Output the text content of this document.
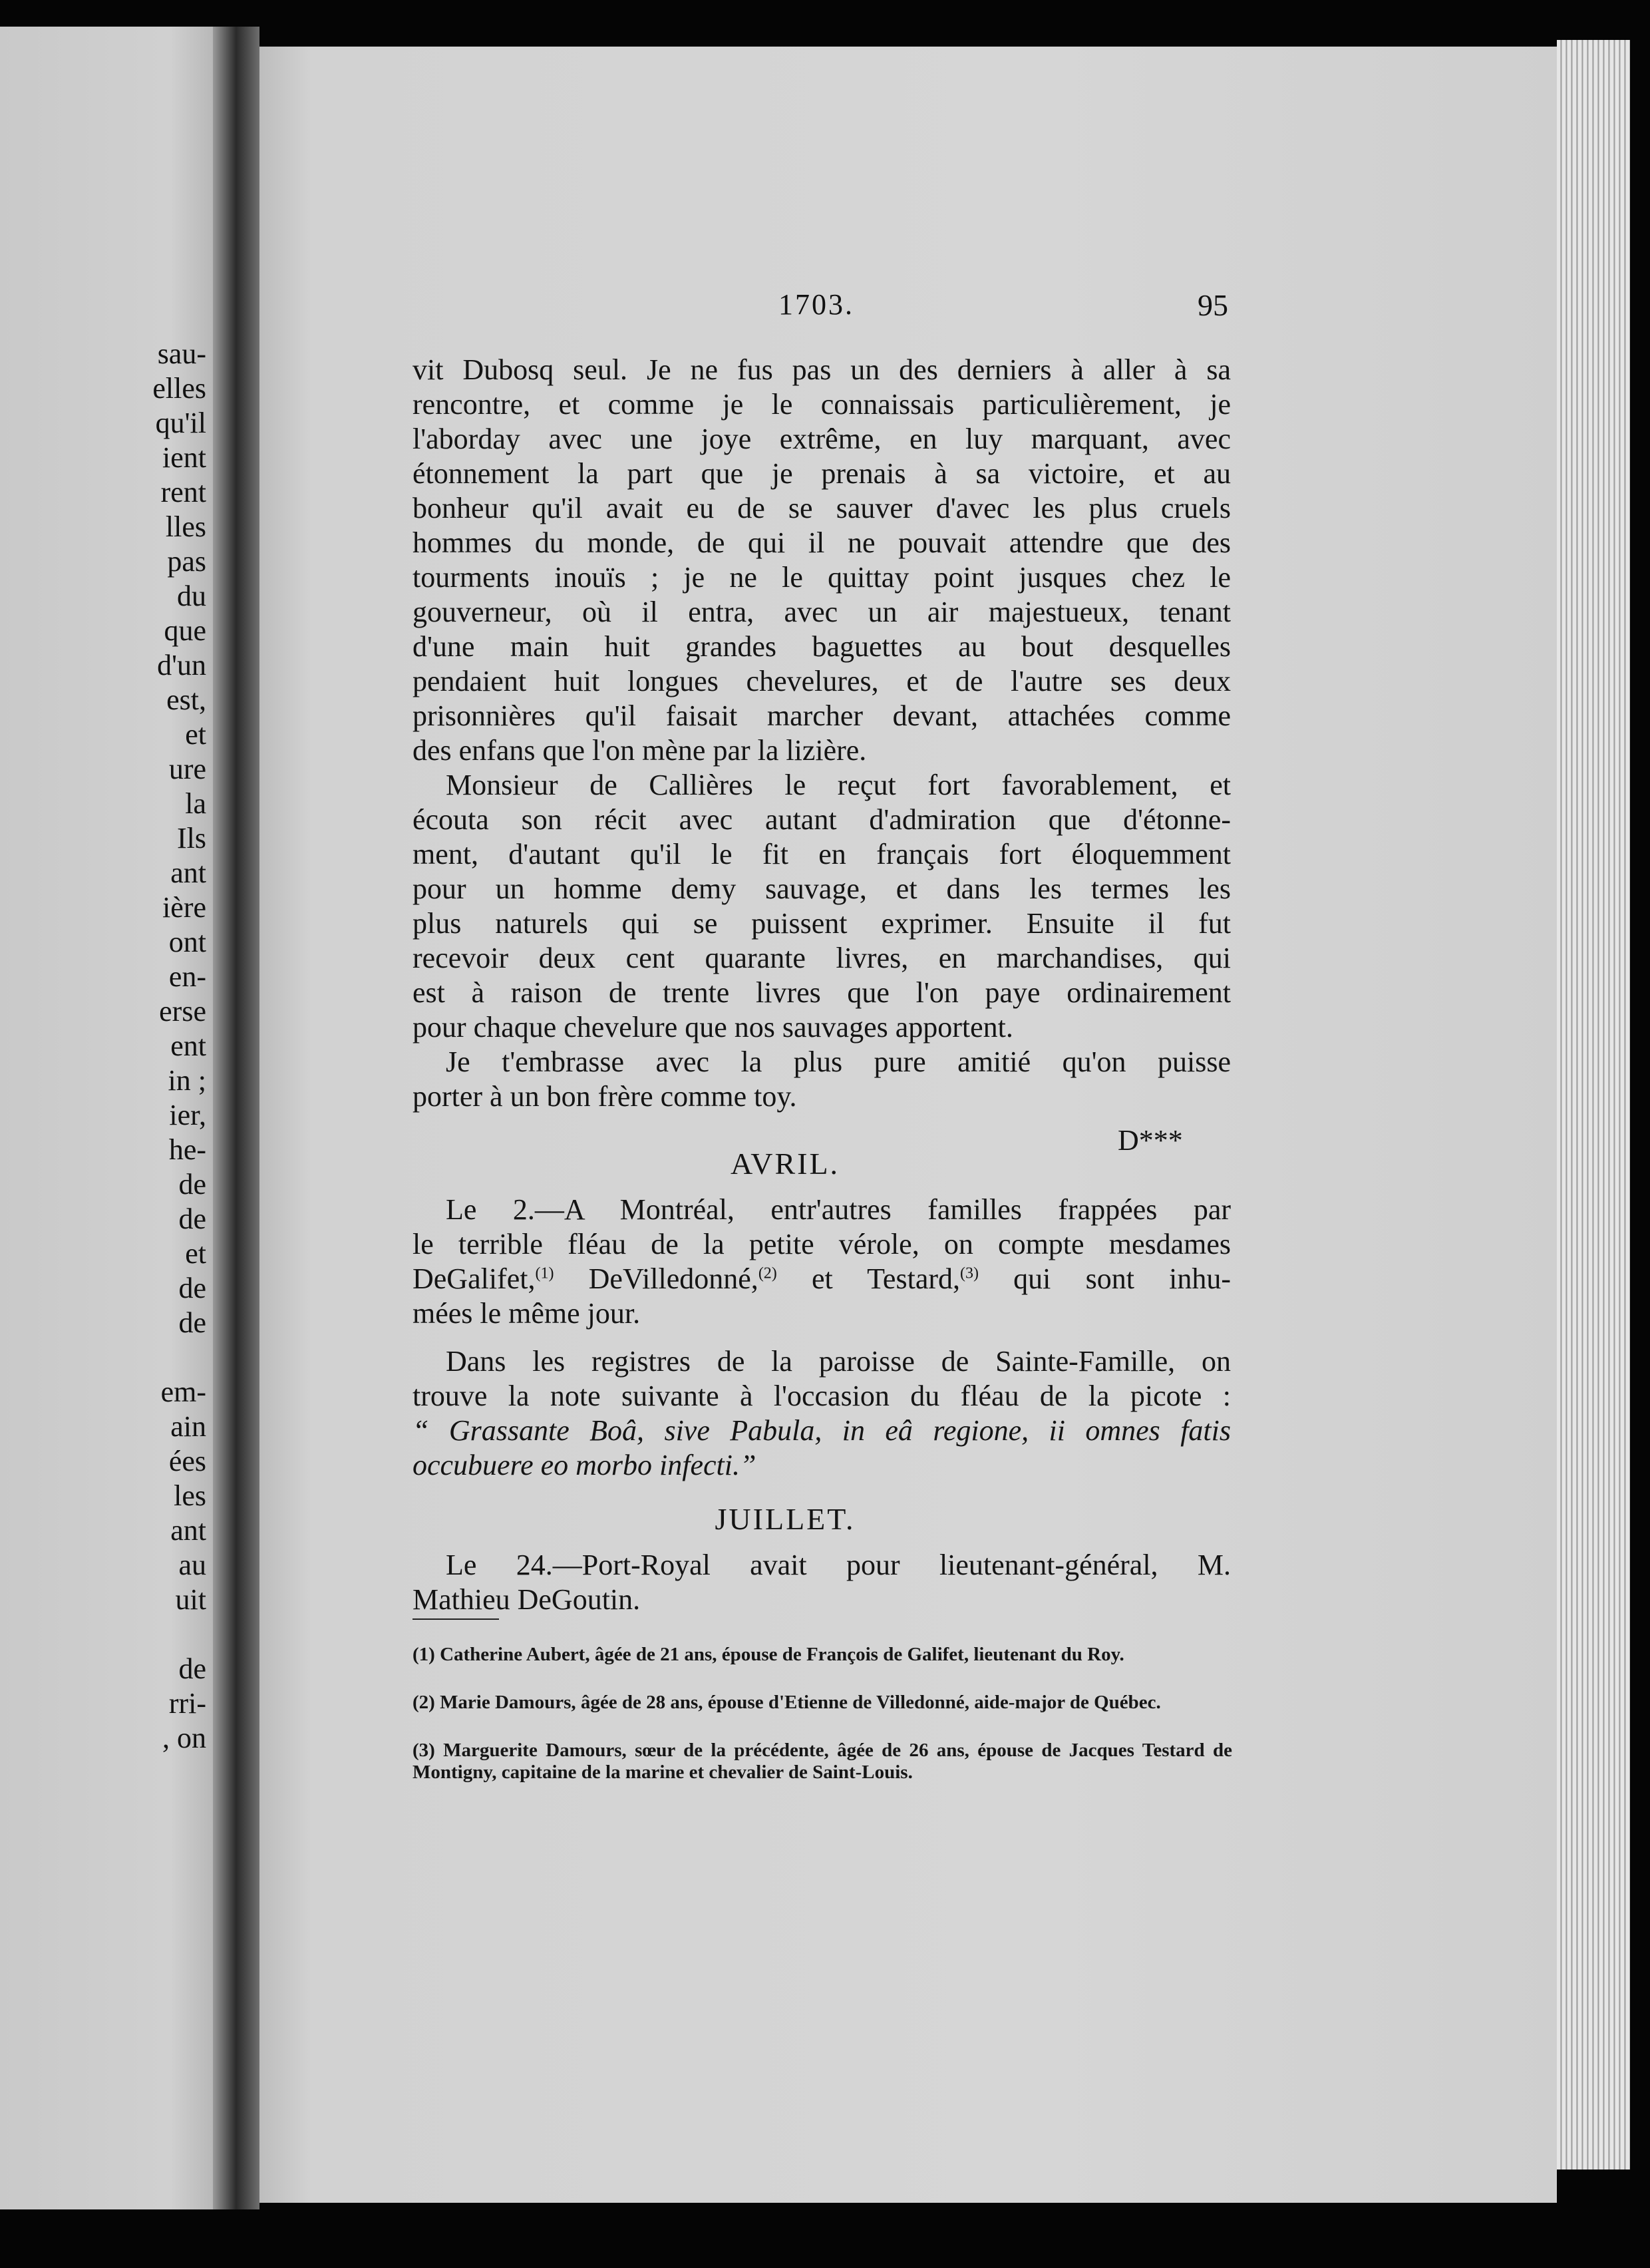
sau-

elles

qu'il

ient

rent

lles

pas

du

que

d'un

est,

et

ure

la

Ils

ant

ière

ont

en-

erse

ent

in ;

ier,

he-

de

de

et

de

de

em-

ain

ées

les

ant

au

uit

de

rri-

, on

1703.	95

vit Dubosq seul. Je ne fus pas un des derniers à aller à sa

rencontre, et comme je le connaissais particulièrement, je

l'aborday avec une joye extrême, en luy marquant, avec

étonnement la part que je prenais à sa victoire, et au

bonheur qu'il avait eu de se sauver d'avec les plus cruels

hommes du monde, de qui il ne pouvait attendre que des

tourments inouïs ; je ne le quittay point jusques chez le

gouverneur, où il entra, avec un air majestueux, tenant

d'une main huit grandes baguettes au bout desquelles

pendaient huit longues chevelures, et de l'autre ses deux

prisonnières qu'il faisait marcher devant, attachées comme

des enfans que l'on mène par la lizière.

Monsieur de Callières le reçut fort favorablement, et

écouta son récit avec autant d'admiration que d'étonne-

ment, d'autant qu'il le fit en français fort éloquemment

pour un homme demy sauvage, et dans les termes les

plus naturels qui se puissent exprimer. Ensuite il fut

recevoir deux cent quarante livres, en marchandises, qui

est à raison de trente livres que l'on paye ordinairement

pour chaque chevelure que nos sauvages apportent.

Je t'embrasse avec la plus pure amitié qu'on puisse

porter à un bon frère comme toy.

D***
AVRIL.

Le 2.—A Montréal, entr'autres familles frappées par

le terrible fléau de la petite vérole, on compte mesdames

DeGalifet,$^{(1)}$ DeVilledonné,$^{(2)}$ et Testard,$^{(3)}$ qui sont inhu-

mées le même jour.

Dans les registres de la paroisse de Sainte-Famille, on

trouve la note suivante à l'occasion du fléau de la picote :

“ Grassante Boâ, sive Pabula, in eâ regione, ii omnes fatis

occubuere eo morbo infecti.”

JUILLET.

Le 24.—Port-Royal avait pour lieutenant-général, M.

Mathieu DeGoutin.

(1) Catherine Aubert, âgée de 21 ans, épouse de François de Galifet, lieutenant du Roy.

(2) Marie Damours, âgée de 28 ans, épouse d'Etienne de Villedonné, aide-major de Québec.

(3) Marguerite Damours, sœur de la précédente, âgée de 26 ans, épouse de Jacques Testard de Montigny, capitaine de la marine et chevalier de Saint-Louis.
